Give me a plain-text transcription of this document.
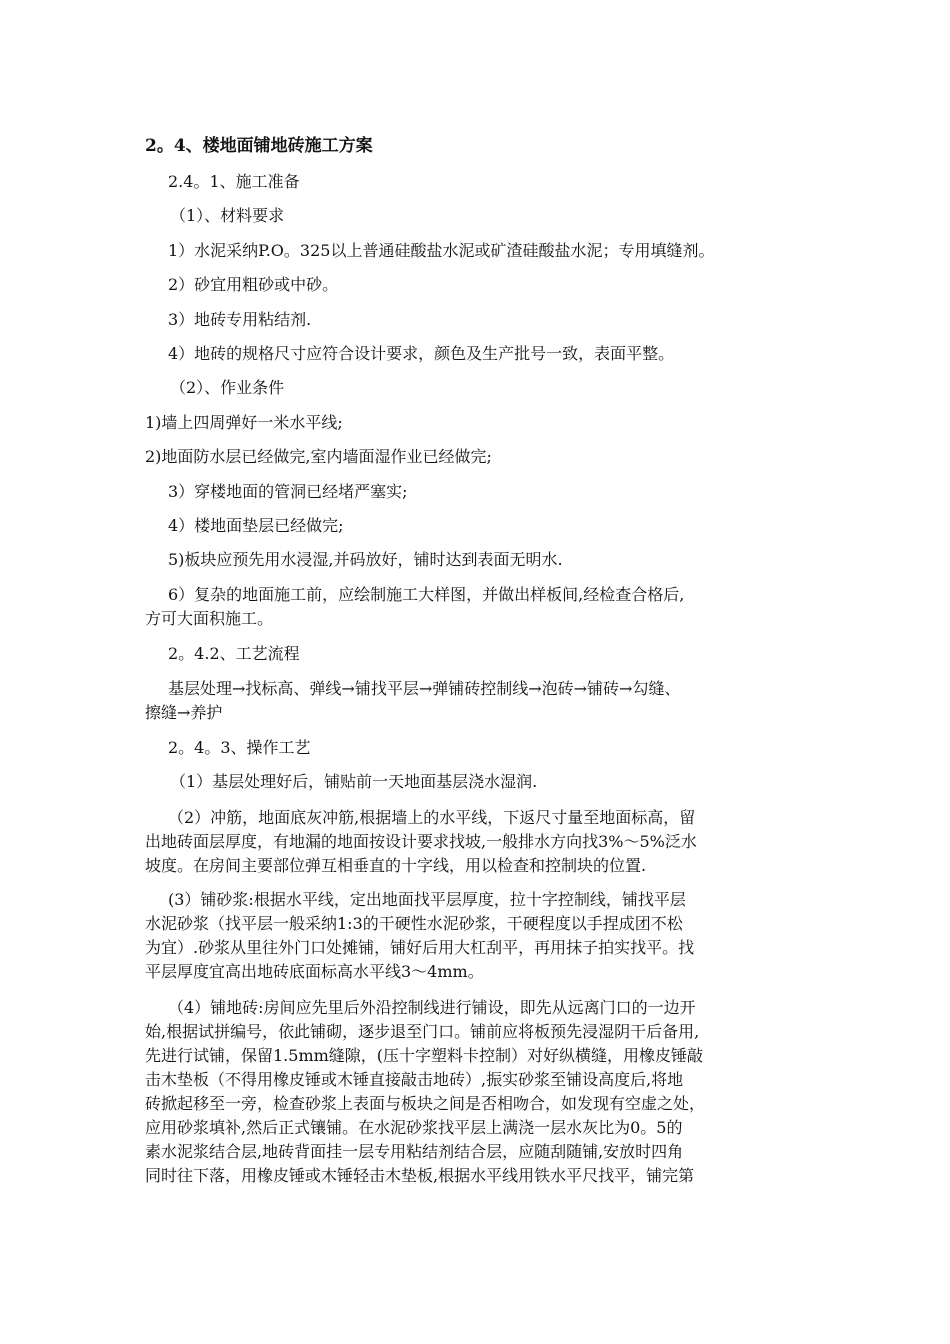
2。4、楼地面铺地砖施工方案
2.4。1、施工准备
（1）、材料要求
1）水泥采纳P.O。325以上普通硅酸盐水泥或矿渣硅酸盐水泥；专用填缝剂。
2）砂宜用粗砂或中砂。
3）地砖专用粘结剂.
4）地砖的规格尺寸应符合设计要求，颜色及生产批号一致，表面平整。
（2）、作业条件
1)墙上四周弹好一米水平线;
2)地面防水层已经做完,室内墙面湿作业已经做完;
3）穿楼地面的管洞已经堵严塞实;
4）楼地面垫层已经做完;
5)板块应预先用水浸湿,并码放好，铺时达到表面无明水.
6）复杂的地面施工前，应绘制施工大样图，并做出样板间,经检查合格后,
方可大面积施工。
2。4.2、工艺流程
基层处理→找标高、弹线→铺找平层→弹铺砖控制线→泡砖→铺砖→勾缝、
擦缝→养护
2。4。3、操作工艺
（1）基层处理好后，铺贴前一天地面基层浇水湿润.
（2）冲筋，地面底灰冲筋,根据墙上的水平线，下返尺寸量至地面标高，留
出地砖面层厚度，有地漏的地面按设计要求找坡,一般排水方向找3%～5%泛水
坡度。在房间主要部位弹互相垂直的十字线，用以检查和控制块的位置.
(3）铺砂浆:根据水平线，定出地面找平层厚度，拉十字控制线，铺找平层
水泥砂浆（找平层一般采纳1:3的干硬性水泥砂浆，干硬程度以手捏成团不松
为宜）.砂浆从里往外门口处摊铺，铺好后用大杠刮平，再用抹子拍实找平。找
平层厚度宜高出地砖底面标高水平线3～4mm。
（4）铺地砖:房间应先里后外沿控制线进行铺设，即先从远离门口的一边开
始,根据试拼编号，依此铺砌，逐步退至门口。铺前应将板预先浸湿阴干后备用,
先进行试铺，保留1.5mm缝隙，(压十字塑料卡控制）对好纵横缝，用橡皮锤敲
击木垫板（不得用橡皮锤或木锤直接敲击地砖）,振实砂浆至铺设高度后,将地
砖掀起移至一旁，检查砂浆上表面与板块之间是否相吻合，如发现有空虚之处，
应用砂浆填补,然后正式镶铺。在水泥砂浆找平层上满浇一层水灰比为0。5的
素水泥浆结合层,地砖背面挂一层专用粘结剂结合层，应随刮随铺,安放时四角
同时往下落，用橡皮锤或木锤轻击木垫板,根据水平线用铁水平尺找平，铺完第
